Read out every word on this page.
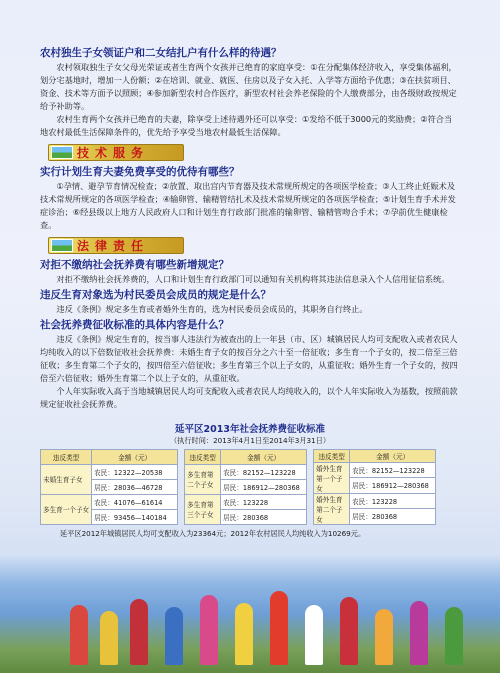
农村独生子女领证户和二女结扎户有什么样的待遇？
农村领取独生子女父母光荣证或者生育两个女孩并已绝育的家庭享受：①在分配集体经济收入，享受集体福利，划分宅基地时，增加一人份额；②在培训、就业、就医、住房以及子女入托、入学等方面给予优惠；③在扶贫项目、资金、技术等方面予以照顾；④参加新型农村合作医疗，新型农村社会养老保险的个人缴费部分，由各级财政按规定给予补助等。
农村生育两个女孩并已绝育的夫妻，除享受上述待遇外还可以享受：①发给不低于3000元的奖励费；②符合当地农村最低生活保障条件的，优先给予享受当地农村最低生活保障。
技术服务
实行计划生育夫妻免费享受的优待有哪些？
①孕情、避孕节育情况检查；②放置、取出宫内节育器及技术常规所规定的各项医学检查；③人工终止妊娠术及技术常规所规定的各项医学检查；④输卵管、输精管结扎术及技术常规所规定的各项医学检查；⑤计划生育手术并发症诊治；⑥经县级以上地方人民政府人口和计划生育行政部门批准的输卵管、输精管吻合手术；⑦孕前优生健康检查。
法律责任
对拒不缴纳社会抚养费有哪些新增规定？
对拒不缴纳社会抚养费的，人口和计划生育行政部门可以通知有关机构将其违法信息录入个人信用征信系统。
违反生育对象选为村民委员会成员的规定是什么？
违反《条例》规定多生育或者婚外生育的，选为村民委员会成员的，其职务自行终止。
社会抚养费征收标准的具体内容是什么？
违反《条例》规定生育的，按当事人违法行为被查出的上一年县（市、区）城镇居民人均可支配收入或者农民人均纯收入的以下倍数征收社会抚养费：未婚生育子女的按百分之六十至一倍征收；多生育一个子女的，按二倍至三倍征收；多生育第二个子女的，按四倍至六倍征收；多生育第三个以上子女的，从重征收；婚外生育一个子女的，按四倍至六倍征收；婚外生育第二个以上子女的，从重征收。
个人年实际收入高于当地城镇居民人均可支配收入或者农民人均纯收入的，以个人年实际收入为基数，按照前款规定征收社会抚养费。
延平区2013年社会抚养费征收标准
（执行时间：2013年4月1日至2014年3月31日）
违反类型	金额（元）
未婚生育子女	农民：12322—20538
	居民：28036—46728
多生育一个子女	农民：41076—61614
	居民：93456—140184
违反类型	金额（元）
多生育第二个子女	农民：82152—123228
	居民：186912—280368
多生育第三个子女	农民：123228
	居民：280368
违反类型	金额（元）
婚外生育第一个子女	农民：82152—123228
	居民：186912—280368
婚外生育第二个子女	农民：123228
	居民：280368
延平区2012年城镇居民人均可支配收入为23364元；2012年农村居民人均纯收入为10269元。
